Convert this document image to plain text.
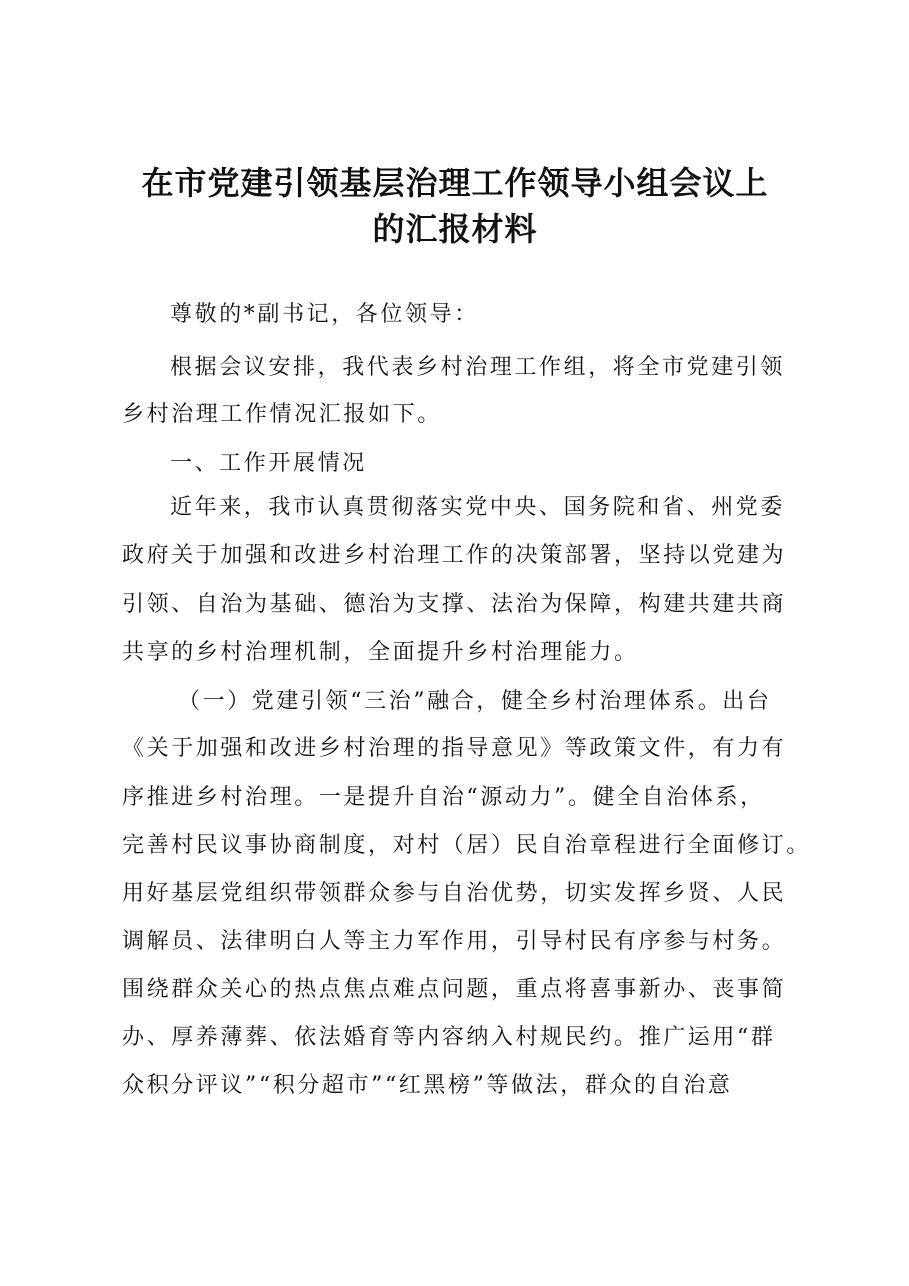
在市党建引领基层治理工作领导小组会议上
的汇报材料
尊敬的*副书记，各位领导：
根据会议安排，我代表乡村治理工作组，将全市党建引领
乡村治理工作情况汇报如下。
一、工作开展情况
近年来，我市认真贯彻落实党中央、国务院和省、州党委
政府关于加强和改进乡村治理工作的决策部署，坚持以党建为
引领、自治为基础、德治为支撑、法治为保障，构建共建共商
共享的乡村治理机制，全面提升乡村治理能力。
（一）党建引领“三治”融合，健全乡村治理体系。出台
《关于加强和改进乡村治理的指导意见》等政策文件，有力有
序推进乡村治理。一是提升自治“源动力”。健全自治体系，
完善村民议事协商制度，对村（居）民自治章程进行全面修订。
用好基层党组织带领群众参与自治优势，切实发挥乡贤、人民
调解员、法律明白人等主力军作用，引导村民有序参与村务。
围绕群众关心的热点焦点难点问题，重点将喜事新办、丧事简
办、厚养薄葬、依法婚育等内容纳入村规民约。推广运用“群
众积分评议”“积分超市”“红黑榜”等做法，群众的自治意
